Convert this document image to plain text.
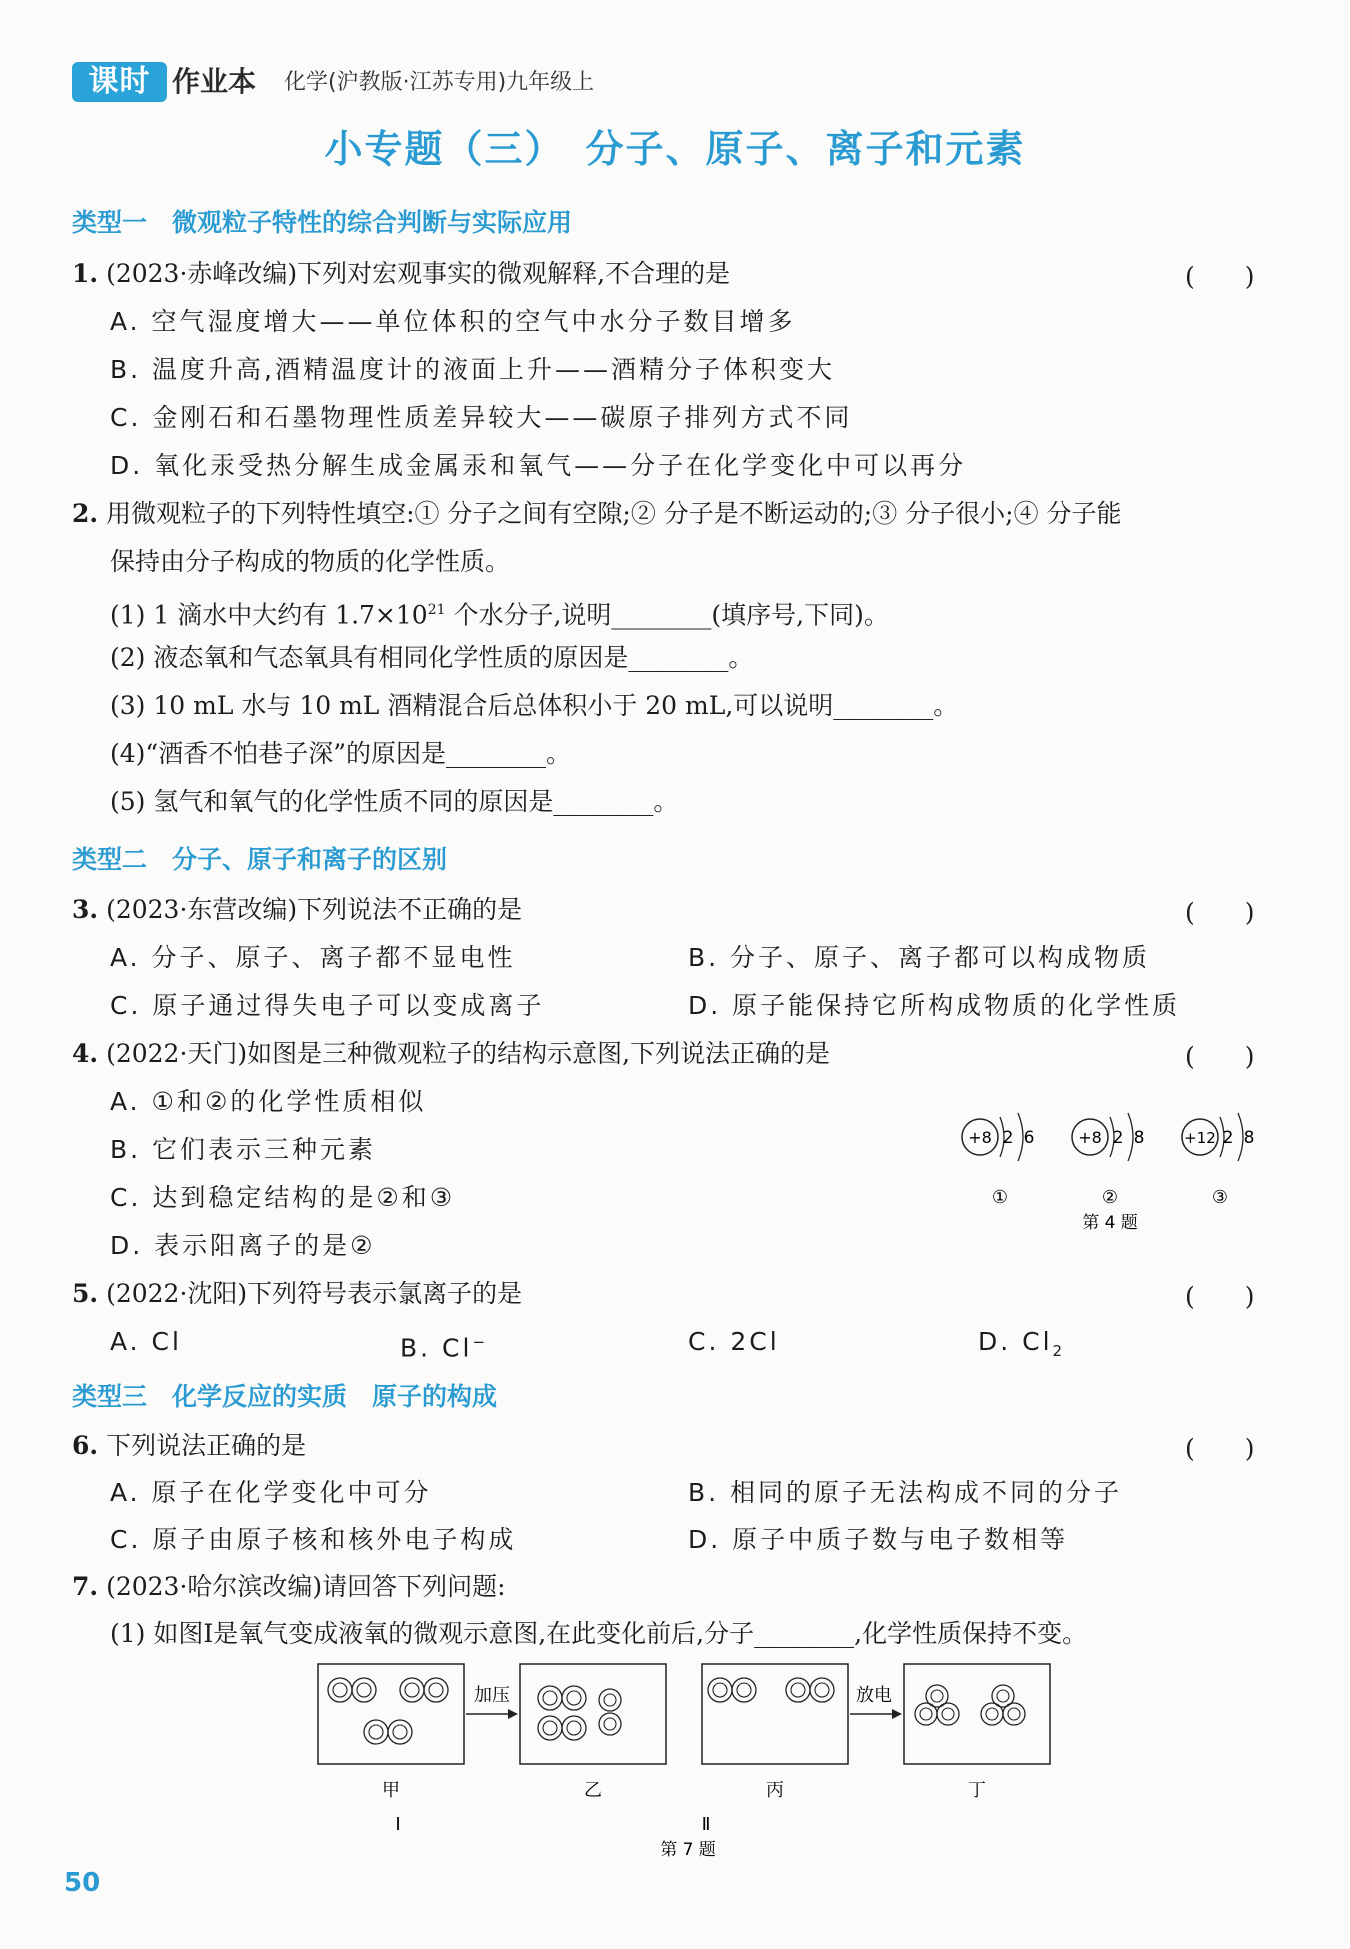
课时 作业本 化学(沪教版·江苏专用)九年级上
小专题（三）　分子、原子、离子和元素
类型一　微观粒子特性的综合判断与实际应用
1. (2023·赤峰改编)下列对宏观事实的微观解释,不合理的是	(　　)
A. 空气湿度增大——单位体积的空气中水分子数目增多
B. 温度升高,酒精温度计的液面上升——酒精分子体积变大
C. 金刚石和石墨物理性质差异较大——碳原子排列方式不同
D. 氧化汞受热分解生成金属汞和氧气——分子在化学变化中可以再分
2. 用微观粒子的下列特性填空:① 分子之间有空隙;② 分子是不断运动的;③ 分子很小;④ 分子能
保持由分子构成的物质的化学性质。
(1) 1 滴水中大约有 $1.7\times 10^{21}$ 个水分子,说明________(填序号,下同)。
(2) 液态氧和气态氧具有相同化学性质的原因是________。
(3) 10 mL 水与 10 mL 酒精混合后总体积小于 20 mL,可以说明________。
(4)“酒香不怕巷子深”的原因是________。
(5) 氢气和氧气的化学性质不同的原因是________。
类型二　分子、原子和离子的区别
3. (2023·东营改编)下列说法不正确的是	(　　)
A. 分子、原子、离子都不显电性	B. 分子、原子、离子都可以构成物质
C. 原子通过得失电子可以变成离子	D. 原子能保持它所构成物质的化学性质
4. (2022·天门)如图是三种微观粒子的结构示意图,下列说法正确的是	(　　)
A. ①和②的化学性质相似
B. 它们表示三种元素
C. 达到稳定结构的是②和③
D. 表示阳离子的是②
+8 2 6
①
+8 2 8
②
+12 2 8
③
第 4 题
5. (2022·沈阳)下列符号表示氯离子的是	(　　)
A. Cl	B. Cl−	C. 2Cl	D. $Cl_2$
类型三　化学反应的实质　原子的构成
6. 下列说法正确的是	(　　)
A. 原子在化学变化中可分	B. 相同的原子无法构成不同的分子
C. 原子由原子核和核外电子构成	D. 原子中质子数与电子数相等
7. (2023·哈尔滨改编)请回答下列问题:
(1) 如图Ⅰ是氧气变成液氧的微观示意图,在此变化前后,分子________,化学性质保持不变。
甲
加压
乙	丙
放电
丁
Ⅰ	Ⅱ
第 7 题
50
